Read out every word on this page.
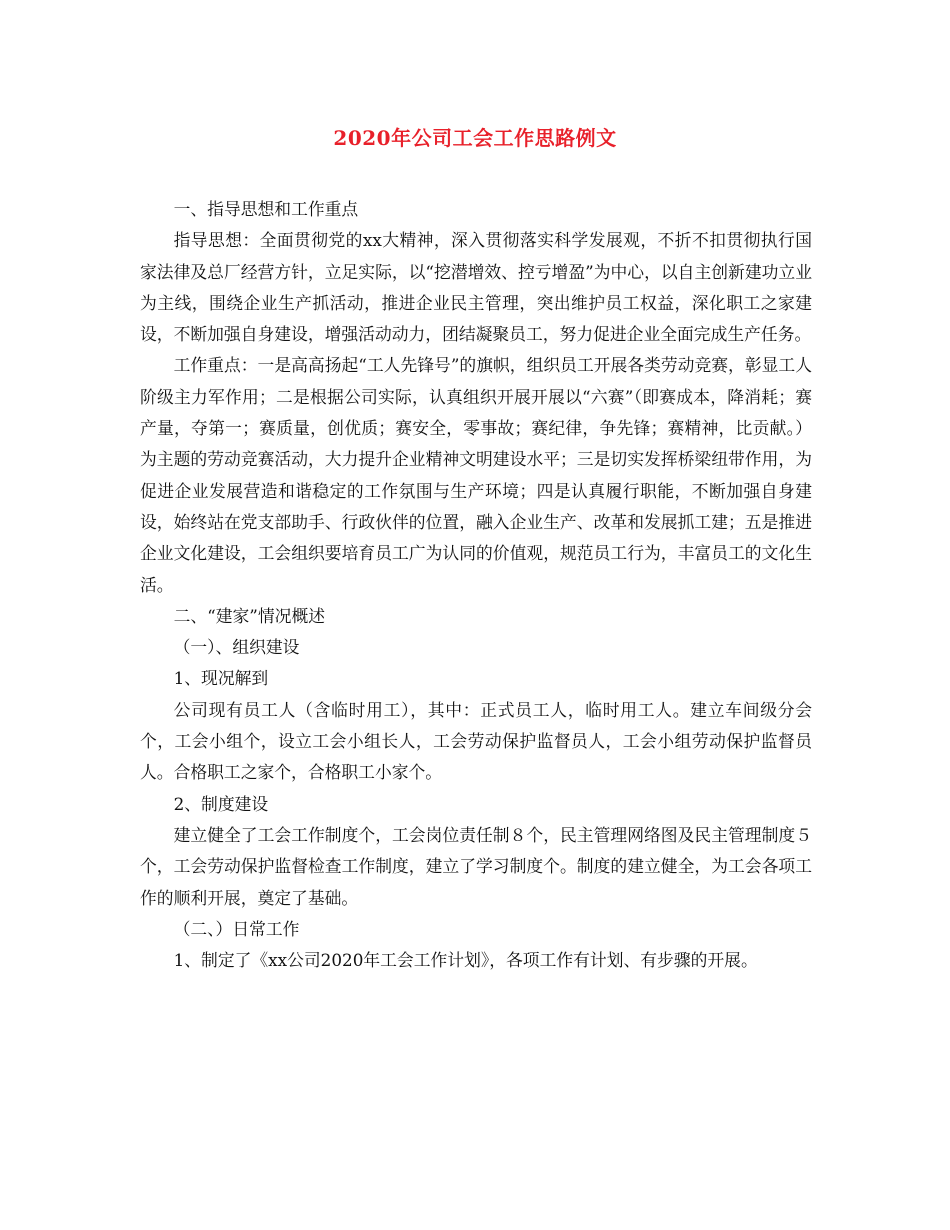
2020年公司工会工作思路例文

一、指导思想和工作重点

指导思想：全面贯彻党的xx大精神，深入贯彻落实科学发展观，不折不扣贯彻执行国家法律及总厂经营方针，立足实际，以“挖潜增效、控亏增盈”为中心，以自主创新建功立业为主线，围绕企业生产抓活动，推进企业民主管理，突出维护员工权益，深化职工之家建设，不断加强自身建设，增强活动动力，团结凝聚员工，努力促进企业全面完成生产任务。

工作重点：一是高高扬起“工人先锋号”的旗帜，组织员工开展各类劳动竞赛，彰显工人阶级主力军作用；二是根据公司实际，认真组织开展开展以“六赛”（即赛成本，降消耗；赛产量，夺第一；赛质量，创优质；赛安全，零事故；赛纪律，争先锋；赛精神，比贡献。）为主题的劳动竞赛活动，大力提升企业精神文明建设水平；三是切实发挥桥梁纽带作用，为促进企业发展营造和谐稳定的工作氛围与生产环境；四是认真履行职能，不断加强自身建设，始终站在党支部助手、行政伙伴的位置，融入企业生产、改革和发展抓工建；五是推进企业文化建设，工会组织要培育员工广为认同的价值观，规范员工行为，丰富员工的文化生活。

二、“建家”情况概述

（一）、组织建设

1、现况解到

公司现有员工人（含临时用工），其中：正式员工人，临时用工人。建立车间级分会个，工会小组个，设立工会小组长人，工会劳动保护监督员人，工会小组劳动保护监督员人。合格职工之家个，合格职工小家个。

2、制度建设

建立健全了工会工作制度个，工会岗位责任制８个，民主管理网络图及民主管理制度５个，工会劳动保护监督检查工作制度，建立了学习制度个。制度的建立健全，为工会各项工作的顺利开展，奠定了基础。

（二、）日常工作

1、制定了《xx公司2020年工会工作计划》，各项工作有计划、有步骤的开展。
